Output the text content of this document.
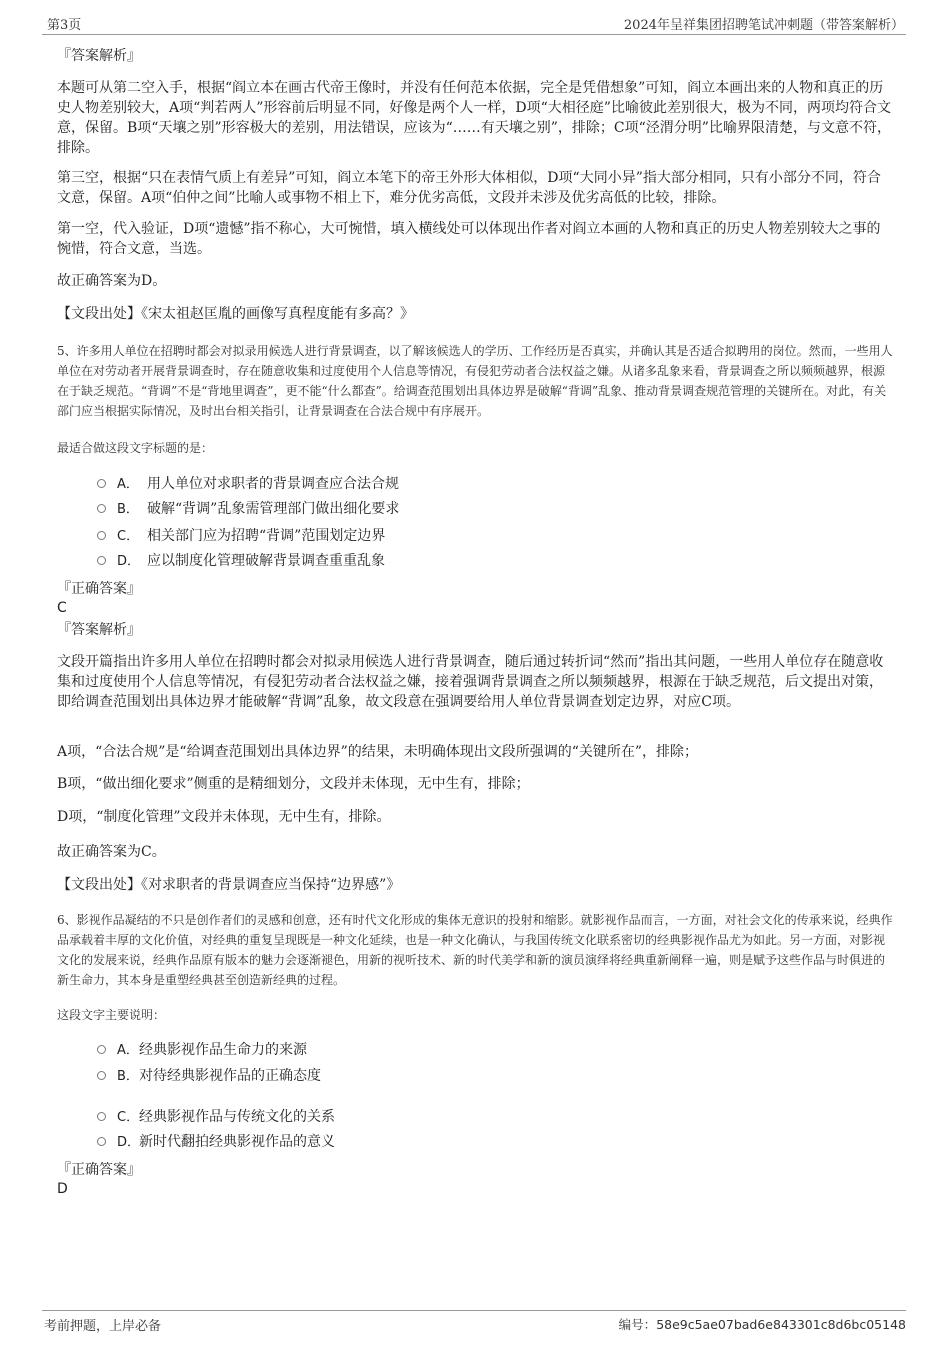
第3页	2024年呈祥集团招聘笔试冲刺题（带答案解析）
『答案解析』

本题可从第二空入手，根据“阎立本在画古代帝王像时，并没有任何范本依据，完全是凭借想象”可知，阎立本画出来的人物和真正的历史人物差别较大，A项“判若两人”形容前后明显不同，好像是两个人一样，D项“大相径庭”比喻彼此差别很大，极为不同，两项均符合文意，保留。B项“天壤之别”形容极大的差别，用法错误，应该为“……有天壤之别”，排除；C项“泾渭分明”比喻界限清楚，与文意不符，排除。

第三空，根据“只在表情气质上有差异”可知，阎立本笔下的帝王外形大体相似，D项“大同小异”指大部分相同，只有小部分不同，符合文意，保留。A项“伯仲之间”比喻人或事物不相上下，难分优劣高低，文段并未涉及优劣高低的比较，排除。

第一空，代入验证，D项“遗憾”指不称心，大可惋惜，填入横线处可以体现出作者对阎立本画的人物和真正的历史人物差别较大之事的惋惜，符合文意，当选。

故正确答案为D。

【文段出处】《宋太祖赵匡胤的画像写真程度能有多高？》

5、许多用人单位在招聘时都会对拟录用候选人进行背景调查，以了解该候选人的学历、工作经历是否真实，并确认其是否适合拟聘用的岗位。然而，一些用人单位在对劳动者开展背景调查时，存在随意收集和过度使用个人信息等情况，有侵犯劳动者合法权益之嫌。从诸多乱象来看，背景调查之所以频频越界，根源在于缺乏规范。“背调”不是“背地里调查”，更不能“什么都查”。给调查范围划出具体边界是破解“背调”乱象、推动背景调查规范管理的关键所在。对此，有关部门应当根据实际情况，及时出台相关指引，让背景调查在合法合规中有序展开。

最适合做这段文字标题的是：

A． 用人单位对求职者的背景调查应合法合规
B． 破解“背调”乱象需管理部门做出细化要求
C． 相关部门应为招聘“背调”范围划定边界
D． 应以制度化管理破解背景调查重重乱象
『正确答案』
C
『答案解析』

文段开篇指出许多用人单位在招聘时都会对拟录用候选人进行背景调查，随后通过转折词“然而”指出其问题，一些用人单位存在随意收集和过度使用个人信息等情况，有侵犯劳动者合法权益之嫌，接着强调背景调查之所以频频越界，根源在于缺乏规范，后文提出对策，即给调查范围划出具体边界才能破解“背调”乱象，故文段意在强调要给用人单位背景调查划定边界，对应C项。

A项，“合法合规”是“给调查范围划出具体边界”的结果，未明确体现出文段所强调的“关键所在”，排除；

B项，“做出细化要求”侧重的是精细划分，文段并未体现，无中生有，排除；

D项，“制度化管理”文段并未体现，无中生有，排除。

故正确答案为C。

【文段出处】《对求职者的背景调查应当保持“边界感”》

6、影视作品凝结的不只是创作者们的灵感和创意，还有时代文化形成的集体无意识的投射和缩影。就影视作品而言，一方面，对社会文化的传承来说，经典作品承载着丰厚的文化价值，对经典的重复呈现既是一种文化延续，也是一种文化确认，与我国传统文化联系密切的经典影视作品尤为如此。另一方面，对影视文化的发展来说，经典作品原有版本的魅力会逐渐褪色，用新的视听技术、新的时代美学和新的演员演绎将经典重新阐释一遍，则是赋予这些作品与时俱进的新生命力，其本身是重塑经典甚至创造新经典的过程。

这段文字主要说明：

A．经典影视作品生命力的来源
B．对待经典影视作品的正确态度
C．经典影视作品与传统文化的关系
D．新时代翻拍经典影视作品的意义
『正确答案』
D
考前押题，上岸必备	编号：58e9c5ae07bad6e843301c8d6bc05148
